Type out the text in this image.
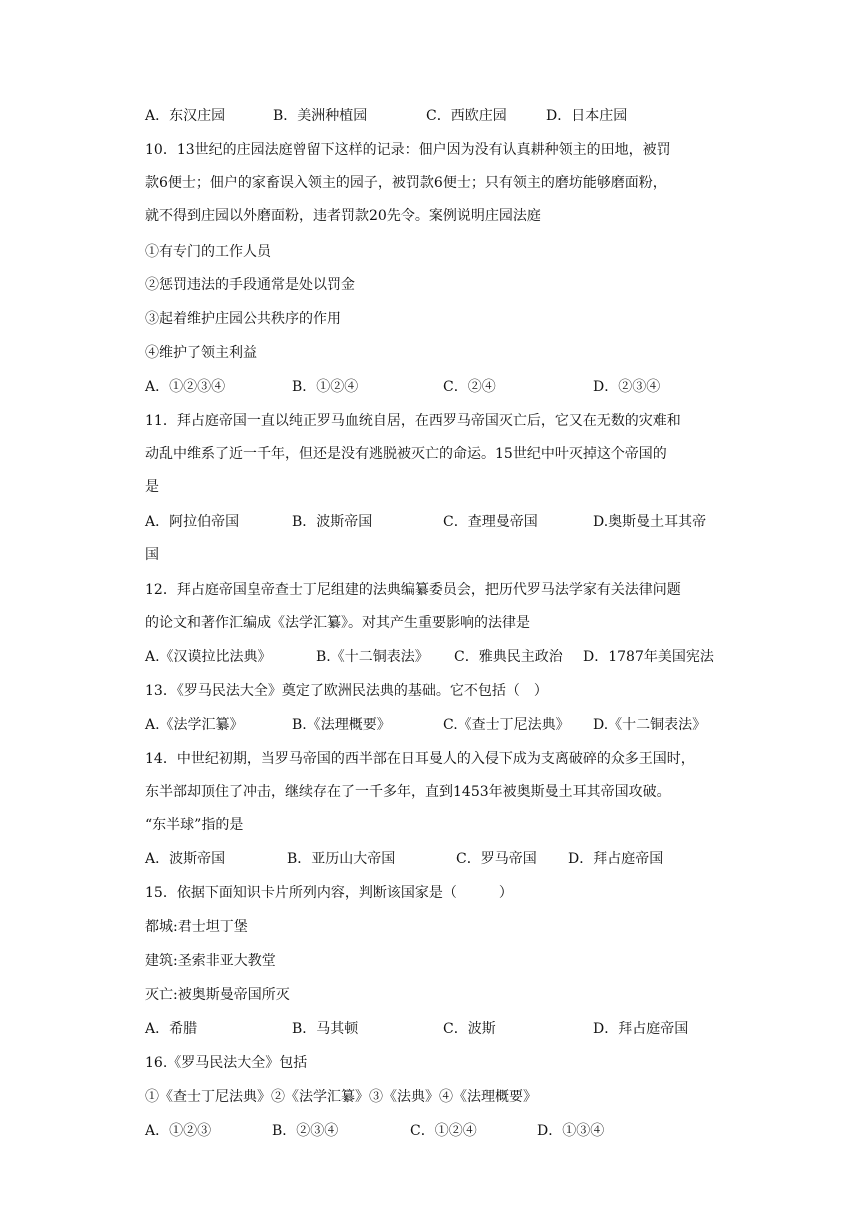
A．东汉庄园	B．美洲种植园	C．西欧庄园	D．日本庄园
10．13世纪的庄园法庭曾留下这样的记录：佃户因为没有认真耕种领主的田地，被罚
款6便士；佃户的家畜误入领主的园子，被罚款6便士；只有领主的磨坊能够磨面粉，
就不得到庄园以外磨面粉，违者罚款20先令。案例说明庄园法庭
①有专门的工作人员
②惩罚违法的手段通常是处以罚金
③起着维护庄园公共秩序的作用
④维护了领主利益
A．①②③④	B．①②④	C．②④	D．②③④
11．拜占庭帝国一直以纯正罗马血统自居，在西罗马帝国灭亡后，它又在无数的灾难和
动乱中维系了近一千年，但还是没有逃脱被灭亡的命运。15世纪中叶灭掉这个帝国的
是
A．阿拉伯帝国	B．波斯帝国	C．查理曼帝国	D.奥斯曼土耳其帝
国
12．拜占庭帝国皇帝查士丁尼组建的法典编纂委员会，把历代罗马法学家有关法律问题
的论文和著作汇编成《法学汇纂》。对其产生重要影响的法律是
A.《汉谟拉比法典》	B.《十二铜表法》 C．雅典民主政治 D．1787年美国宪法
13．《罗马民法大全》奠定了欧洲民法典的基础。它不包括（　）
A.《法学汇纂》	B.《法理概要》	C.《查士丁尼法典》 D.《十二铜表法》
14．中世纪初期，当罗马帝国的西半部在日耳曼人的入侵下成为支离破碎的众多王国时，
东半部却顶住了冲击，继续存在了一千多年，直到1453年被奥斯曼土耳其帝国攻破。
“东半球”指的是
A．波斯帝国	B．亚历山大帝国	C．罗马帝国 D．拜占庭帝国
15．依据下面知识卡片所列内容，判断该国家是（　　　）
都城:君士坦丁堡
建筑:圣索非亚大教堂
灭亡:被奥斯曼帝国所灭
A．希腊	B．马其顿	C．波斯	D．拜占庭帝国
16.《罗马民法大全》包括
①《查士丁尼法典》②《法学汇纂》③《法典》④《法理概要》
A．①②③	B．②③④	C．①②④	D．①③④
